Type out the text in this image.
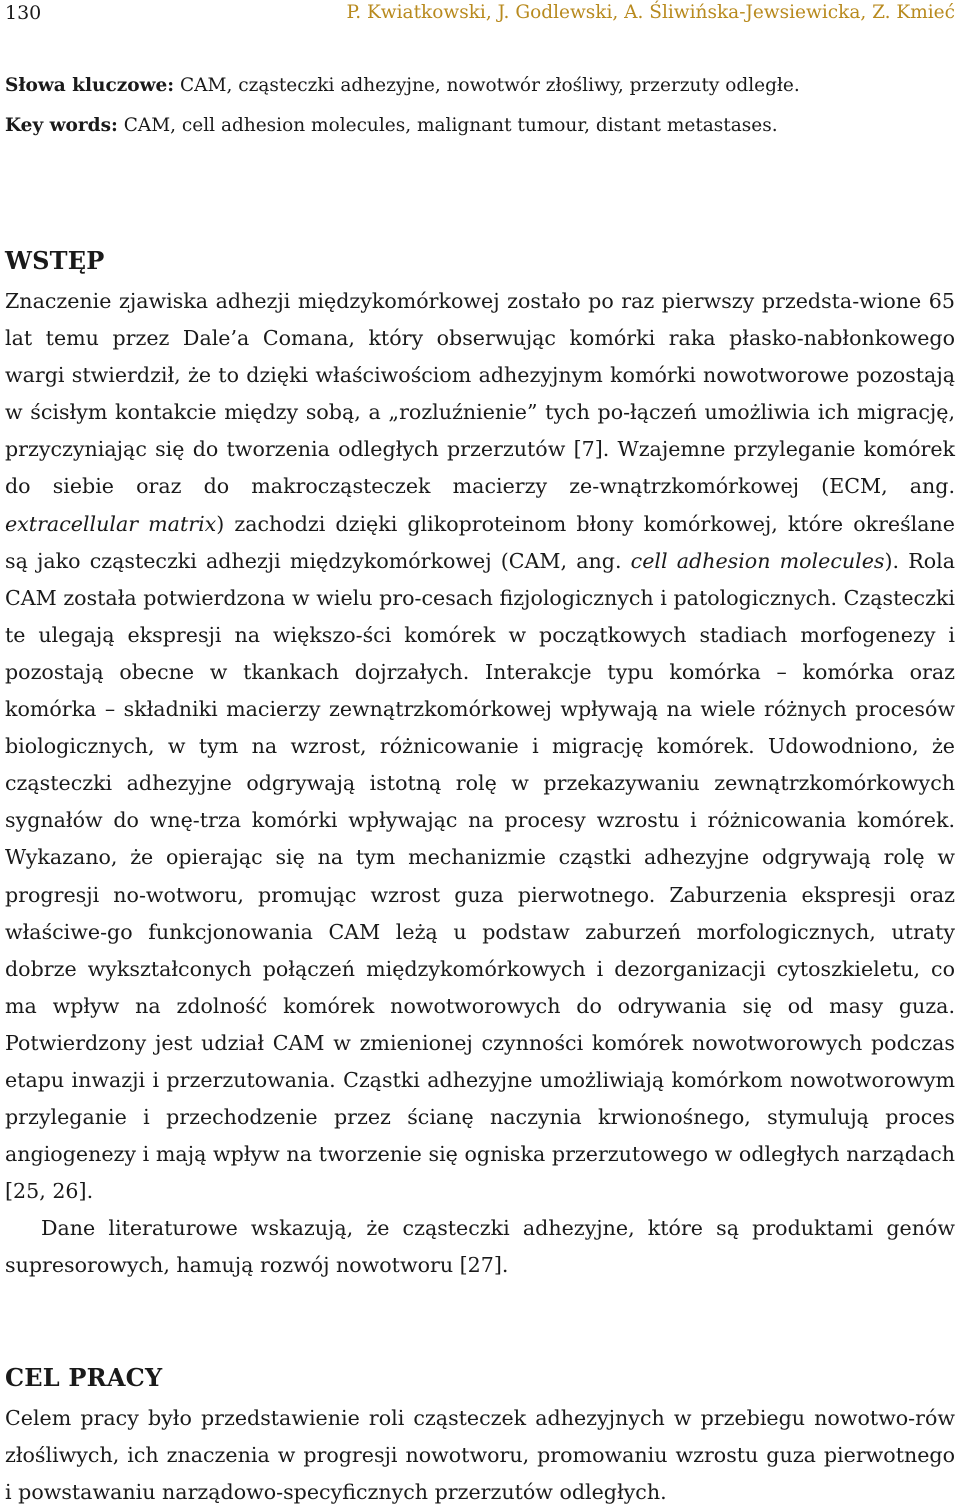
130	P. Kwiatkowski, J. Godlewski, A. Śliwińska-Jewsiewicka, Z. Kmieć
Słowa kluczowe: CAM, cząsteczki adhezyjne, nowotwór złośliwy, przerzuty odległe.
Key words: CAM, cell adhesion molecules, malignant tumour, distant metastases.
WSTĘP

Znaczenie zjawiska adhezji międzykomórkowej zostało po raz pierwszy przedsta-wione 65 lat temu przez Dale’a Comana, który obserwując komórki raka płasko-nabłonkowego wargi stwierdził, że to dzięki właściwościom adhezyjnym komórki nowotworowe pozostają w ścisłym kontakcie między sobą, a „rozluźnienie” tych po-łączeń umożliwia ich migrację, przyczyniając się do tworzenia odległych przerzutów [7]. Wzajemne przyleganie komórek do siebie oraz do makrocząsteczek macierzy ze-wnątrzkomórkowej (ECM, ang. extracellular matrix) zachodzi dzięki glikoproteinom błony komórkowej, które określane są jako cząsteczki adhezji międzykomórkowej (CAM, ang. cell adhesion molecules). Rola CAM została potwierdzona w wielu pro-cesach fizjologicznych i patologicznych. Cząsteczki te ulegają ekspresji na większo-ści komórek w początkowych stadiach morfogenezy i pozostają obecne w tkankach dojrzałych. Interakcje typu komórka – komórka oraz komórka – składniki macierzy zewnątrzkomórkowej wpływają na wiele różnych procesów biologicznych, w tym na wzrost, różnicowanie i migrację komórek. Udowodniono, że cząsteczki adhezyjne odgrywają istotną rolę w przekazywaniu zewnątrzkomórkowych sygnałów do wnę-trza komórki wpływając na procesy wzrostu i różnicowania komórek. Wykazano, że opierając się na tym mechanizmie cząstki adhezyjne odgrywają rolę w progresji no-wotworu, promując wzrost guza pierwotnego. Zaburzenia ekspresji oraz właściwe-go funkcjonowania CAM leżą u podstaw zaburzeń morfologicznych, utraty dobrze wykształconych połączeń międzykomórkowych i dezorganizacji cytoszkieletu, co ma wpływ na zdolność komórek nowotworowych do odrywania się od masy guza. Potwierdzony jest udział CAM w zmienionej czynności komórek nowotworowych podczas etapu inwazji i przerzutowania. Cząstki adhezyjne umożliwiają komórkom nowotworowym przyleganie i przechodzenie przez ścianę naczynia krwionośnego, stymulują proces angiogenezy i mają wpływ na tworzenie się ogniska przerzutowego w odległych narządach [25, 26].

Dane literaturowe wskazują, że cząsteczki adhezyjne, które są produktami genów supresorowych, hamują rozwój nowotworu [27].

CEL PRACY

Celem pracy było przedstawienie roli cząsteczek adhezyjnych w przebiegu nowotwo-rów złośliwych, ich znaczenia w progresji nowotworu, promowaniu wzrostu guza pierwotnego i powstawaniu narządowo-specyficznych przerzutów odległych.
